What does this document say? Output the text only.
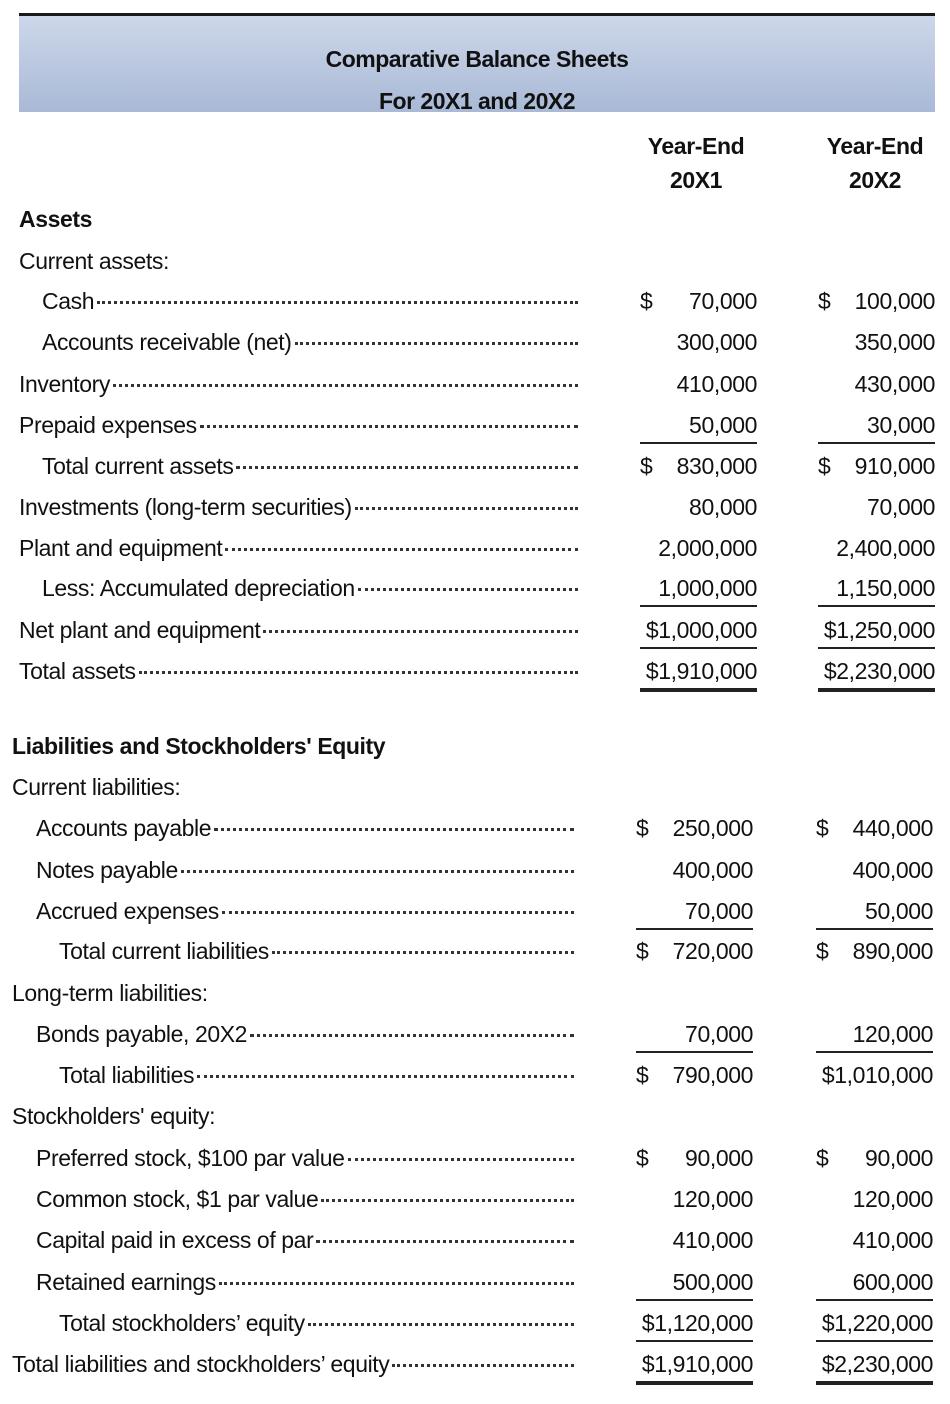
Comparative Balance Sheets
For 20X1 and 20X2
Year-End
20X1
Year-End
20X2
Assets
Current assets:
Liabilities and Stockholders' Equity
Current liabilities:
Long-term liabilities:
Stockholders' equity:
Cash	$ 70,000	$ 100,000
Accounts receivable (net)	300,000	350,000
Inventory	410,000	430,000
Prepaid expenses	50,000	30,000
Total current assets	$ 830,000	$ 910,000
Investments (long-term securities)	80,000	70,000
Plant and equipment	2,000,000	2,400,000
Less: Accumulated depreciation	1,000,000	1,150,000
Net plant and equipment	$1,000,000	$1,250,000
Total assets	$1,910,000	$2,230,000
Accounts payable	$ 250,000	$ 440,000
Notes payable	400,000	400,000
Accrued expenses	70,000	50,000
Total current liabilities	$ 720,000	$ 890,000
Bonds payable, 20X2	70,000	120,000
Total liabilities	$ 790,000	$1,010,000
Preferred stock, $100 par value	$ 90,000	$ 90,000
Common stock, $1 par value	120,000	120,000
Capital paid in excess of par	410,000	410,000
Retained earnings	500,000	600,000
Total stockholders’ equity	$1,120,000	$1,220,000
Total liabilities and stockholders’ equity	$1,910,000	$2,230,000
